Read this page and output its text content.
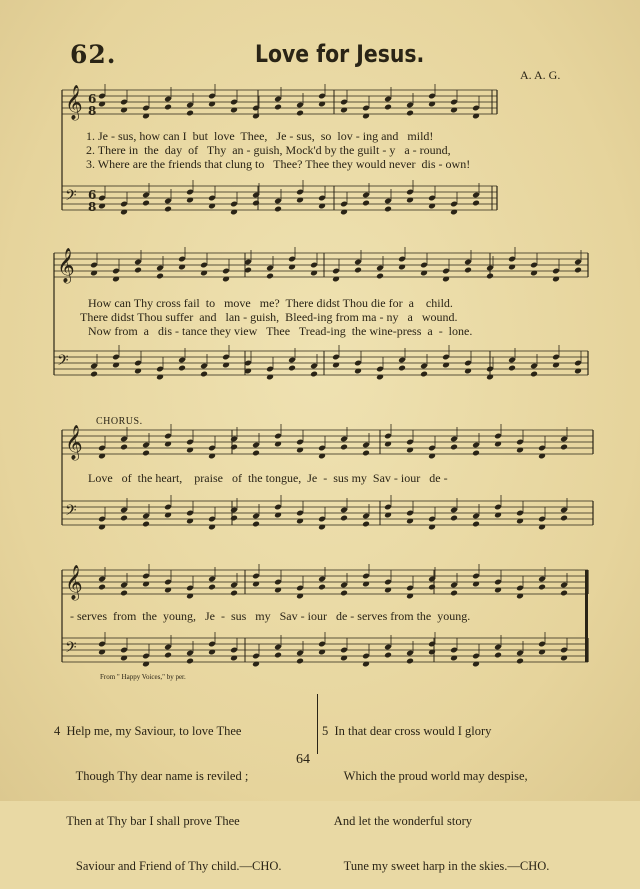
62.	Love for Jesus.
A. A. G.
𝄞
𝄢
𝄞
𝄢
𝄞
𝄢
𝄞
𝄢
6
8
6
8
1. Je - sus, how can I  but  love  Thee,   Je - sus,  so  lov - ing and   mild!
2. There in  the  day  of   Thy  an - guish, Mock'd by the guilt - y   a - round,
3. Where are the friends that clung to   Thee? Thee they would never  dis - own!
How can Thy cross fail  to   move   me?  There didst Thou die for  a    child.
There didst Thou suffer  and   lan - guish,  Bleed-ing from ma - ny   a   wound.
Now from  a   dis - tance they view   Thee   Tread-ing  the wine-press  a  -  lone.
CHORUS.
Love   of  the heart,    praise   of  the tongue,  Je  -  sus my  Sav - iour   de -
- serves  from  the  young,   Je  -  sus   my   Sav - iour   de - serves from the  young.
From " Happy Voices," by per.

4  Help me, my Saviour, to love Thee

Though Thy dear name is reviled ;

Then at Thy bar I shall prove Thee

Saviour and Friend of Thy child.—CHO.

5  In that dear cross would I glory

Which the proud world may despise,

And let the wonderful story

Tune my sweet harp in the skies.—CHO.

64
